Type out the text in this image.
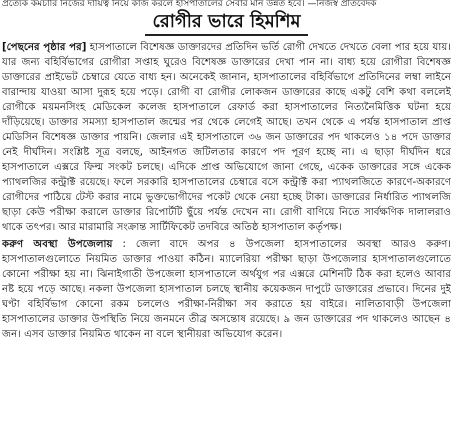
প্রত্যেক কর্মচারি নিজের দায়িত্ব নিয়ে কাজ করলে হাসপাতালের সেবার মান উন্নত হবে। —নিজস্ব প্রতিবেদক
রোগীর ভারে হিমশিম

[পেছনের পৃষ্ঠার পর] হাসপাতালে বিশেষজ্ঞ ডাক্তারদের প্রতিদিন ভর্তি রোগী দেখতে দেখতে বেলা পার হয়ে যায়। যার জন্য বহির্বিভাগের রোগীরা সপ্তাহ ঘুরেও বিশেষজ্ঞ ডাক্তারের দেখা পান না। বাধ্য হয়ে রোগীরা বিশেষজ্ঞ ডাক্তারের প্রাইভেট চেম্বারে যেতে বাধ্য হন। অনেকেই জানান, হাসপাতালের বহির্বিভাগে প্রতিদিনের লম্বা লাইনে বারান্দায় যাওয়া আসা দুরূহ হয়ে পড়ে। রোগী বা রোগীর লোকজন ডাক্তারের কাছে একটু বেশি কথা বললেই রোগীকে ময়মনসিংহ মেডিকেল কলেজ হাসপাতালে রেফার্ড করা হাসপাতালের নিত্যনৈমিত্তিক ঘটনা হয়ে দাঁড়িয়েছে। ডাক্তার সমস্যা হাসপাতাল জন্মের পর থেকে লেগেই আছে। তখন থেকে এ পর্যন্ত হাসপাতাল প্রাপ্ত মেডিসিন বিশেষজ্ঞ ডাক্তার পায়নি। জেলার এই হাসপাতালে ৩৬ জন ডাক্তারের পদ থাকলেও ১৪ পদে ডাক্তার নেই দীর্ঘদিন। সংশ্লিষ্ট সূত্র বলছে, আইনগত জটিলতার কারণে পদ পূরণ হচ্ছে না। এ ছাড়া দীর্ঘদিন ধরে হাসপাতালে এক্সরে ফিল্ম সংকট চলছে। এদিকে প্রাপ্ত অভিযোগে জানা গেছে, একেক ডাক্তারের সঙ্গে একেক প্যাথলজির কন্ট্রাক্ট রয়েছে। ফলে সরকারি হাসপাতালের চেম্বারে বসে কন্ট্রাক্ট করা প্যাথলজিতে কারণে-অকারণে রোগীদের পাঠিয়ে টেস্ট করার নামে ভুক্তভোগীদের পকেট থেকে নেয়া হচ্ছে টাকা। ডাক্তারের নির্ধারিত প্যাথলজি ছাড়া কেউ পরীক্ষা করালে ডাক্তার রিপোর্টটি ছুঁয়ে পর্যন্ত দেখেন না। রোগী বাণিয়ে নিতে সার্বক্ষণিক দালালরাও থাকে তৎপর। আর মারামারি সংক্রান্ত সার্টিফিকেট তদবিরে অতিষ্ঠ হাসপাতাল কর্তৃপক্ষ।

করুণ অবস্থা উপজেলায় : জেলা বাদে অপর ৪ উপজেলা হাসপাতালের অবস্থা আরও করুণ। হাসপাতালগুলোতে নিয়মিত ডাক্তার পাওয়া কঠিন। ম্যালেরিয়া পরীক্ষা ছাড়া উপজেলার হাসপাতালগুলোতে কোনো পরীক্ষা হয় না। ঝিনাইগাতী উপজেলা হাসপাতালে অর্থযুগ পর এক্সরে মেশিনটি ঠিক করা হলেও আবার নষ্ট হয়ে পড়ে আছে। নকলা উপজেলা হাসপাতাল চলছে স্থানীয় কয়েকজন দাপুটে ডাক্তারের প্রভাবে। দিনের দুই ঘণ্টা বহির্বিভাগ কোনো রকম চললেও পরীক্ষা-নিরীক্ষা সব করাতে হয় বাইরে। নালিতাবাড়ী উপজেলা হাসপাতালের ডাক্তার উপস্থিতি নিয়ে জনমনে তীব্র অসন্তোষ রয়েছে। ৯ জন ডাক্তারের পদ থাকলেও আছেন ৪ জন। এসব ডাক্তার নিয়মিত থাকেন না বলে স্থানীয়রা অভিযোগ করেন।
